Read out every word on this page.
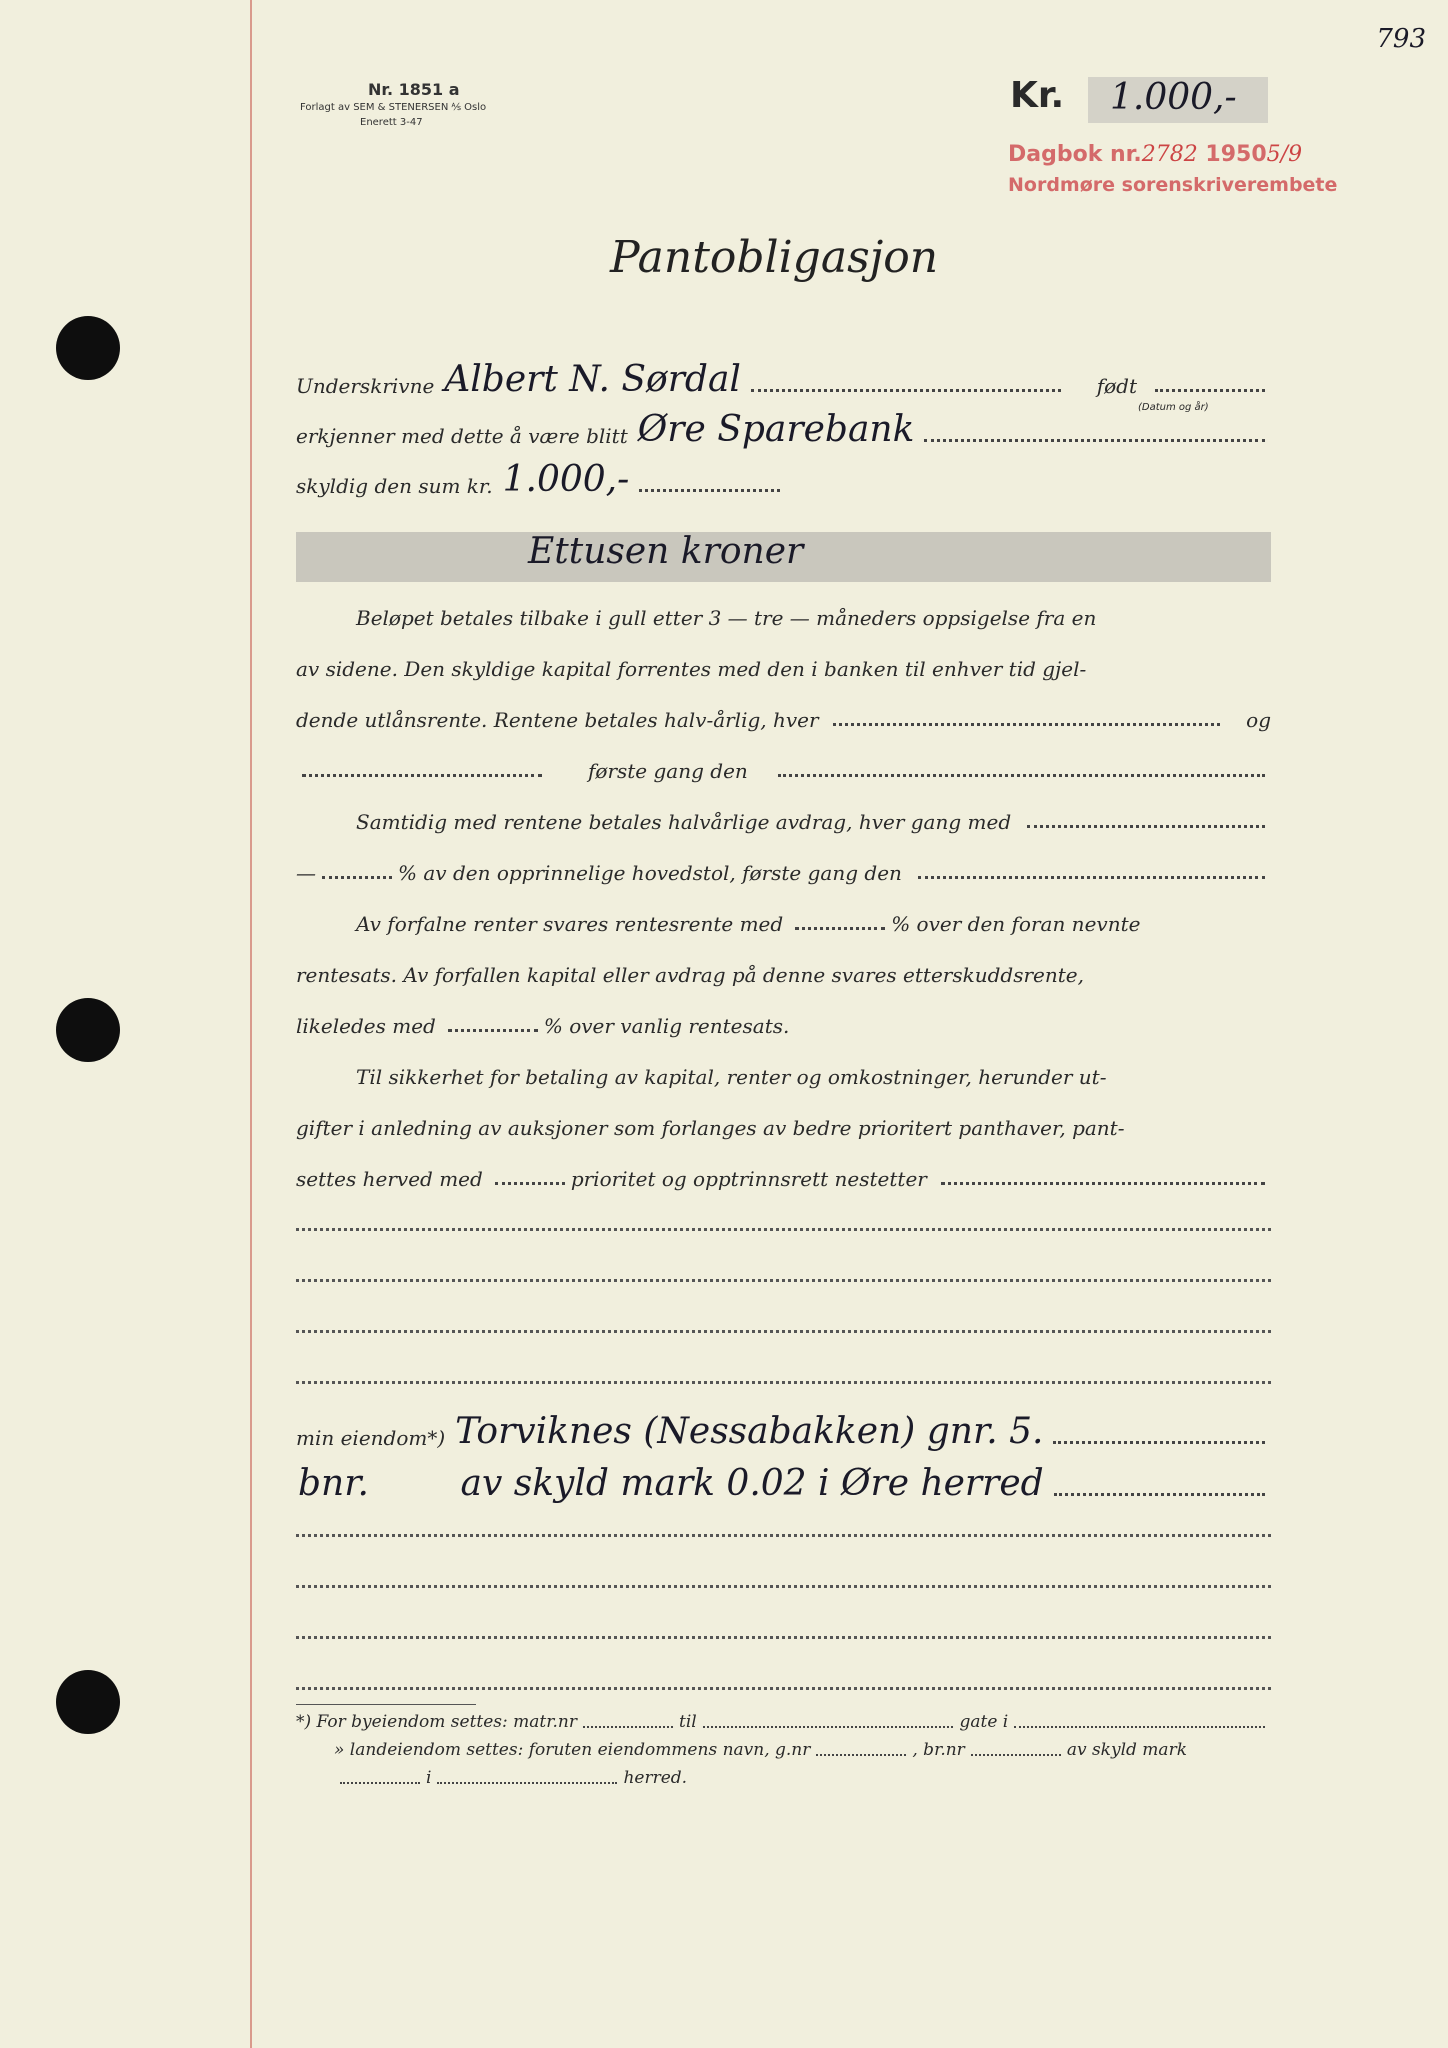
793
Nr. 1851 a
Forlagt av SEM & STENERSEN ⅍ Oslo
Enerett 3-47
Kr. 1.000,-
Dagbok nr.2782 19505/9
Nordmøre sorenskriverembete
Pantobligasjon
Underskrivne Albert N. Sørdal	født
(Datum og år)
erkjenner med dette å være blitt Øre Sparebank
skyldig den sum kr. 1.000,-
Ettusen kroner
Beløpet betales tilbake i gull etter 3 — tre — måneders oppsigelse fra en
av sidene. Den skyldige kapital forrentes med den i banken til enhver tid gjel-
dende utlånsrente. Rentene betales halv-årlig, hver	og
første gang den
Samtidig med rentene betales halvårlige avdrag, hver gang med
—	% av den opprinnelige hovedstol, første gang den
Av forfalne renter svares rentesrente med	% over den foran nevnte
rentesats. Av forfallen kapital eller avdrag på denne svares etterskuddsrente,
likeledes med	% over vanlig rentesats.
Til sikkerhet for betaling av kapital, renter og omkostninger, herunder ut-
gifter i anledning av auksjoner som forlanges av bedre prioritert panthaver, pant-
settes herved med	prioritet og opptrinnsrett nestetter
min eiendom*) Torviknes (Nessabakken) gnr. 5.
bnr.        av skyld mark 0.02 i Øre herred
*) For byeiendom settes: matr.nr	til	gate i
» landeiendom settes: foruten eiendommens navn, g.nr	, br.nr	av skyld mark
i	herred.
